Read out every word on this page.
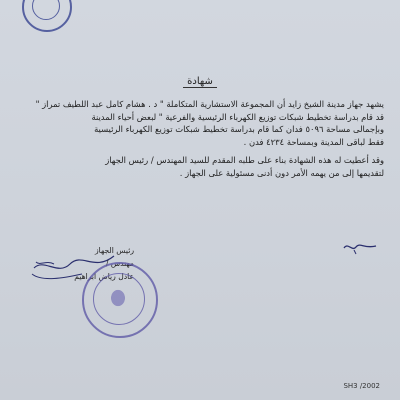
شهادة
يشهد جهاز مدينة الشيخ زايد أن المجموعة الاستشارية المتكاملة " د . هشام كامل عبد اللطيف تمراز "
قد قام بدراسة تخطيط شبكات توزيع الكهرباء الرئيسية والفرعية " لبعض أحياء المدينة
وبإجمالى مساحة ٥٠٩٦ فدان كما قام بدراسة تخطيط شبكات توزيع الكهرباء الرئيسية
فقط لباقى المدينة وبمساحة ٤٢٣٤ فدن .
وقد أعطيت له هذه الشهادة بناء على طلبه المقدم للسيد المهندس / رئيس الجهاز
لتقديمها إلى من يهمه الأمر دون أدنى مسئولية على الجهاز .
رئيس الجهاز
مهندس /
عادل رياض ابراهيم
SH3 /2002
